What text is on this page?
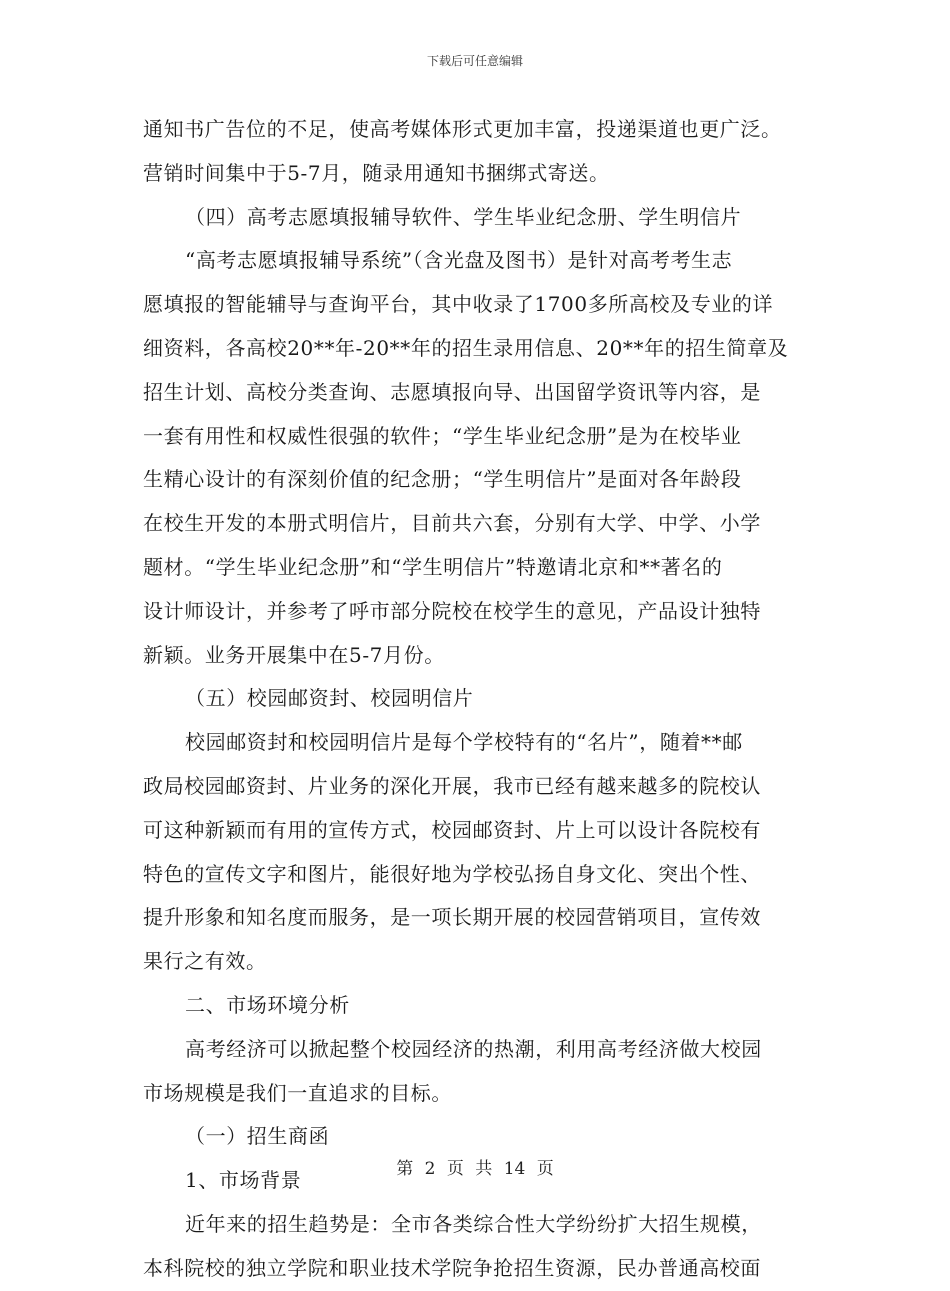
下载后可任意编辑
通知书广告位的不足，使高考媒体形式更加丰富，投递渠道也更广泛。
营销时间集中于5-7月，随录用通知书捆绑式寄送。
（四）高考志愿填报辅导软件、学生毕业纪念册、学生明信片
“高考志愿填报辅导系统”（含光盘及图书）是针对高考考生志
愿填报的智能辅导与查询平台，其中收录了1700多所高校及专业的详
细资料，各高校20**年-20**年的招生录用信息、20**年的招生简章及
招生计划、高校分类查询、志愿填报向导、出国留学资讯等内容，是
一套有用性和权威性很强的软件；“学生毕业纪念册”是为在校毕业
生精心设计的有深刻价值的纪念册；“学生明信片”是面对各年龄段
在校生开发的本册式明信片，目前共六套，分别有大学、中学、小学
题材。“学生毕业纪念册”和“学生明信片”特邀请北京和**著名的
设计师设计，并参考了呼市部分院校在校学生的意见，产品设计独特
新颖。业务开展集中在5-7月份。
（五）校园邮资封、校园明信片
校园邮资封和校园明信片是每个学校特有的“名片”，随着**邮
政局校园邮资封、片业务的深化开展，我市已经有越来越多的院校认
可这种新颖而有用的宣传方式，校园邮资封、片上可以设计各院校有
特色的宣传文字和图片，能很好地为学校弘扬自身文化、突出个性、
提升形象和知名度而服务，是一项长期开展的校园营销项目，宣传效
果行之有效。
二、市场环境分析
高考经济可以掀起整个校园经济的热潮，利用高考经济做大校园
市场规模是我们一直追求的目标。
（一）招生商函
1、市场背景
近年来的招生趋势是：全市各类综合性大学纷纷扩大招生规模，
本科院校的独立学院和职业技术学院争抢招生资源，民办普通高校面
第 2 页 共 14 页
